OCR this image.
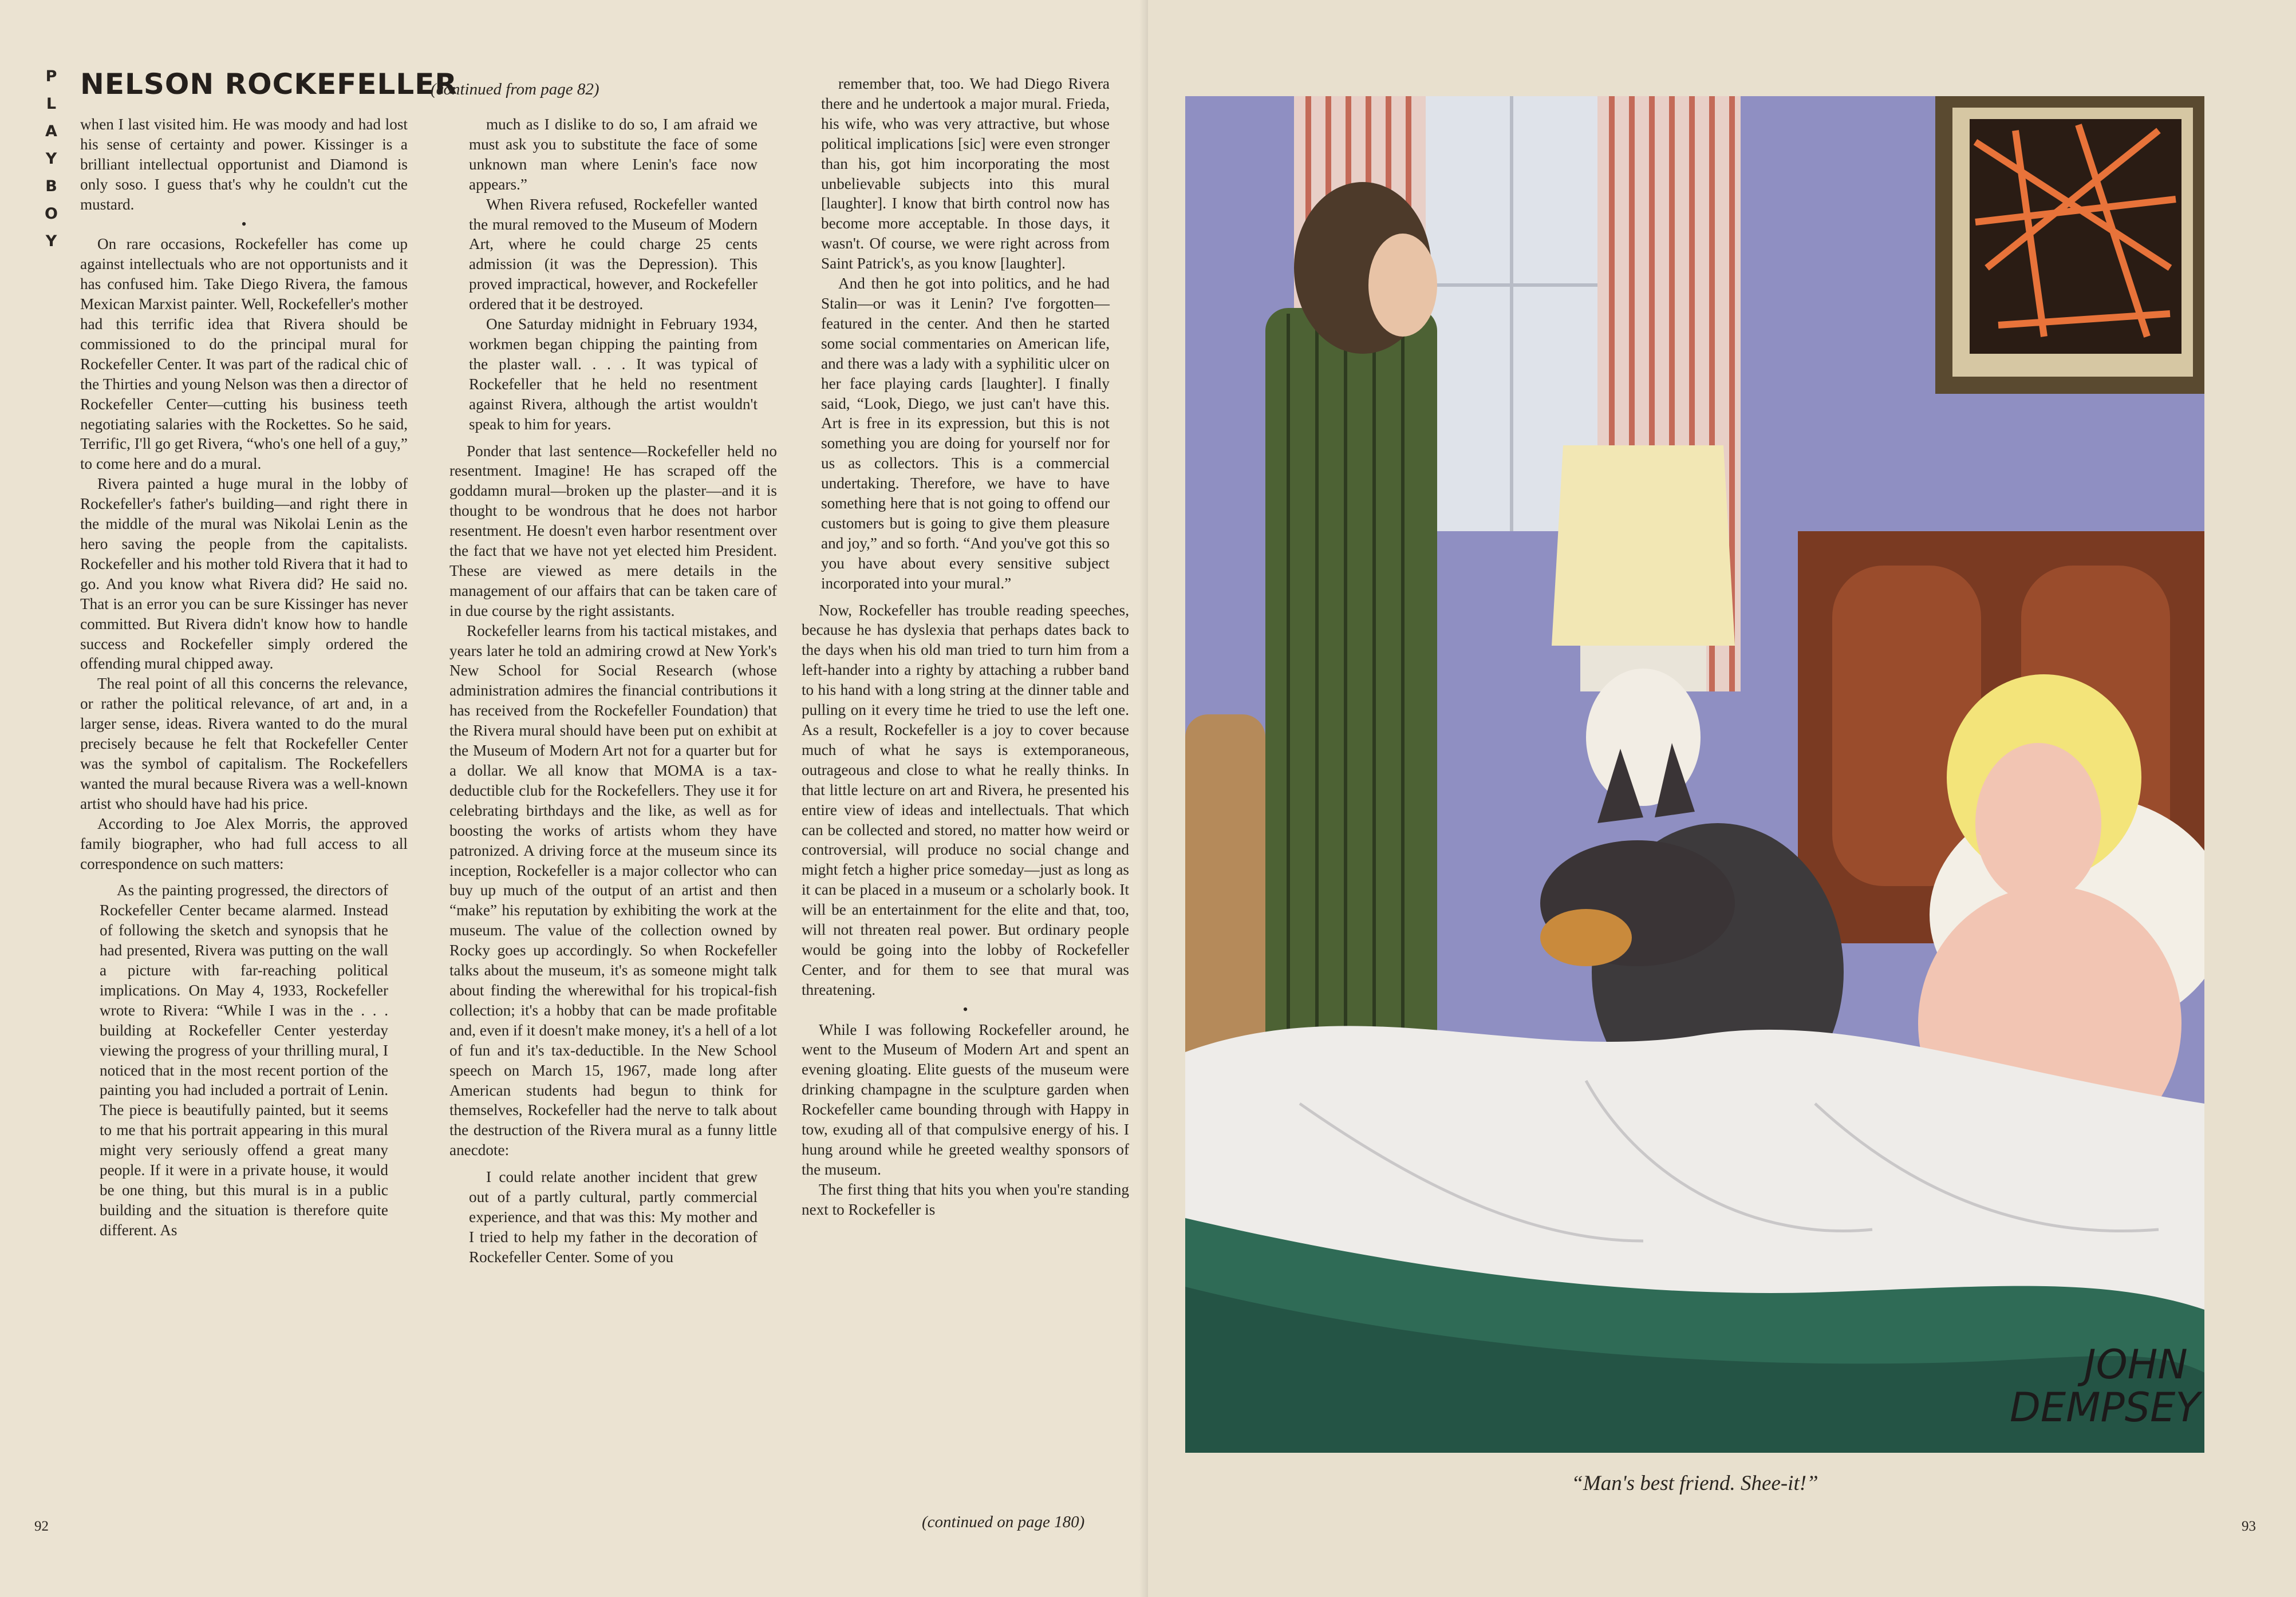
PLAYBOY NELSON ROCKEFELLER
(continued from page 82)

when I last visited him. He was moody and had lost his sense of certainty and power. Kissinger is a brilliant intellectual opportunist and Diamond is only soso. I guess that's why he couldn't cut the mustard.

•

On rare occasions, Rockefeller has come up against intellectuals who are not opportunists and it has confused him. Take Diego Rivera, the famous Mexican Marxist painter. Well, Rockefeller's mother had this terrific idea that Rivera should be commissioned to do the principal mural for Rockefeller Center. It was part of the radical chic of the Thirties and young Nelson was then a director of Rockefeller Center—cutting his business teeth negotiating salaries with the Rockettes. So he said, Terrific, I'll go get Rivera, “who's one hell of a guy,” to come here and do a mural.

Rivera painted a huge mural in the lobby of Rockefeller's father's building—and right there in the middle of the mural was Nikolai Lenin as the hero saving the people from the capitalists. Rockefeller and his mother told Rivera that it had to go. And you know what Rivera did? He said no. That is an error you can be sure Kissinger has never committed. But Rivera didn't know how to handle success and Rockefeller simply ordered the offending mural chipped away.

The real point of all this concerns the relevance, or rather the political relevance, of art and, in a larger sense, ideas. Rivera wanted to do the mural precisely because he felt that Rockefeller Center was the symbol of capitalism. The Rockefellers wanted the mural because Rivera was a well-known artist who should have had his price.

According to Joe Alex Morris, the approved family biographer, who had full access to all correspondence on such matters:

As the painting progressed, the directors of Rockefeller Center became alarmed. Instead of following the sketch and synopsis that he had presented, Rivera was putting on the wall a picture with far-reaching political implications. On May 4, 1933, Rockefeller wrote to Rivera: “While I was in the . . . building at Rockefeller Center yesterday viewing the progress of your thrilling mural, I noticed that in the most recent portion of the painting you had included a portrait of Lenin. The piece is beautifully painted, but it seems to me that his portrait appearing in this mural might very seriously offend a great many people. If it were in a private house, it would be one thing, but this mural is in a public building and the situation is therefore quite different. As

much as I dislike to do so, I am afraid we must ask you to substitute the face of some unknown man where Lenin's face now appears.”

When Rivera refused, Rockefeller wanted the mural removed to the Museum of Modern Art, where he could charge 25 cents admission (it was the Depression). This proved impractical, however, and Rockefeller ordered that it be destroyed.

One Saturday midnight in February 1934, workmen began chipping the painting from the plaster wall. . . . It was typical of Rockefeller that he held no resentment against Rivera, although the artist wouldn't speak to him for years.

Ponder that last sentence—Rockefeller held no resentment. Imagine! He has scraped off the goddamn mural—broken up the plaster—and it is thought to be wondrous that he does not harbor resentment. He doesn't even harbor resentment over the fact that we have not yet elected him President. These are viewed as mere details in the management of our affairs that can be taken care of in due course by the right assistants.

Rockefeller learns from his tactical mistakes, and years later he told an admiring crowd at New York's New School for Social Research (whose administration admires the financial contributions it has received from the Rockefeller Foundation) that the Rivera mural should have been put on exhibit at the Museum of Modern Art not for a quarter but for a dollar. We all know that MOMA is a tax-deductible club for the Rockefellers. They use it for celebrating birthdays and the like, as well as for boosting the works of artists whom they have patronized. A driving force at the museum since its inception, Rockefeller is a major collector who can buy up much of the output of an artist and then “make” his reputation by exhibiting the work at the museum. The value of the collection owned by Rocky goes up accordingly. So when Rockefeller talks about the museum, it's as someone might talk about finding the wherewithal for his tropical-fish collection; it's a hobby that can be made profitable and, even if it doesn't make money, it's a hell of a lot of fun and it's tax-deductible. In the New School speech on March 15, 1967, made long after American students had begun to think for themselves, Rockefeller had the nerve to talk about the destruction of the Rivera mural as a funny little anecdote:

I could relate another incident that grew out of a partly cultural, partly commercial experience, and that was this: My mother and I tried to help my father in the decoration of Rockefeller Center. Some of you

remember that, too. We had Diego Rivera there and he undertook a major mural. Frieda, his wife, who was very attractive, but whose political implications [sic] were even stronger than his, got him incorporating the most unbelievable subjects into this mural [laughter]. I know that birth control now has become more acceptable. In those days, it wasn't. Of course, we were right across from Saint Patrick's, as you know [laughter].

And then he got into politics, and he had Stalin—or was it Lenin? I've forgotten—featured in the center. And then he started some social commentaries on American life, and there was a lady with a syphilitic ulcer on her face playing cards [laughter]. I finally said, “Look, Diego, we just can't have this. Art is free in its expression, but this is not something you are doing for yourself nor for us as collectors. This is a commercial undertaking. Therefore, we have to have something here that is not going to offend our customers but is going to give them pleasure and joy,” and so forth. “And you've got this so you have about every sensitive subject incorporated into your mural.”

Now, Rockefeller has trouble reading speeches, because he has dyslexia that perhaps dates back to the days when his old man tried to turn him from a left-hander into a righty by attaching a rubber band to his hand with a long string at the dinner table and pulling on it every time he tried to use the left one. As a result, Rockefeller is a joy to cover because much of what he says is extemporaneous, outrageous and close to what he really thinks. In that little lecture on art and Rivera, he presented his entire view of ideas and intellectuals. That which can be collected and stored, no matter how weird or controversial, will produce no social change and might fetch a higher price someday—just as long as it can be placed in a museum or a scholarly book. It will be an entertainment for the elite and that, too, will not threaten real power. But ordinary people would be going into the lobby of Rockefeller Center, and for them to see that mural was threatening.

•

While I was following Rockefeller around, he went to the Museum of Modern Art and spent an evening gloating. Elite guests of the museum were drinking champagne in the sculpture garden when Rockefeller came bounding through with Happy in tow, exuding all of that compulsive energy of his. I hung around while he greeted wealthy sponsors of the museum.

The first thing that hits you when you're standing next to Rockefeller is

(continued on page 180)
92	93
JOHN
DEMPSEY
“Man's best friend. Shee-it!”
